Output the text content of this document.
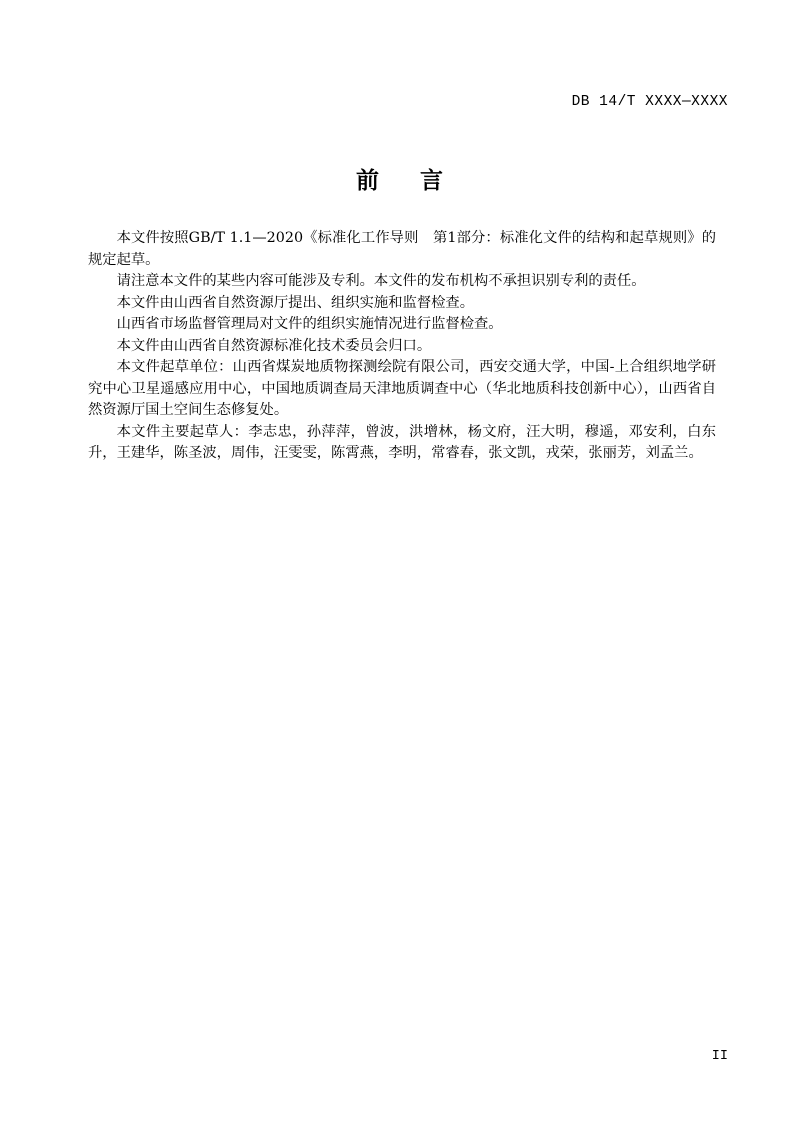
DB 14/T XXXX—XXXX
前 言

本文件按照GB/T 1.1—2020《标准化工作导则　第1部分：标准化文件的结构和起草规则》的规定起草。

请注意本文件的某些内容可能涉及专利。本文件的发布机构不承担识别专利的责任。

本文件由山西省自然资源厅提出、组织实施和监督检查。

山西省市场监督管理局对文件的组织实施情况进行监督检查。

本文件由山西省自然资源标准化技术委员会归口。

本文件起草单位：山西省煤炭地质物探测绘院有限公司，西安交通大学，中国-上合组织地学研究中心卫星遥感应用中心，中国地质调查局天津地质调查中心（华北地质科技创新中心），山西省自然资源厅国土空间生态修复处。

本文件主要起草人：李志忠，孙萍萍，曾波，洪增林，杨文府，汪大明，穆遥，邓安利，白东升，王建华，陈圣波，周伟，汪雯雯，陈霄燕，李明，常睿春，张文凯，戎荣，张丽芳，刘孟兰。

II
